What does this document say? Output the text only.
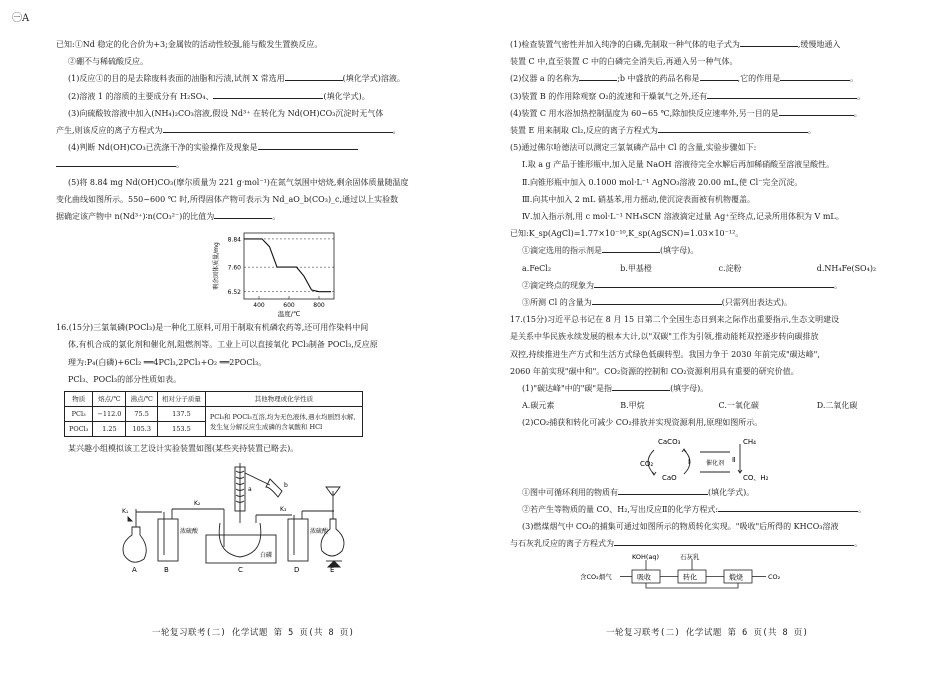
㊀A
已知:①Nd 稳定的化合价为+3;金属钕的活动性较强,能与酸发生置换反应。
②硼不与稀硫酸反应。
(1)反应①的目的是去除废料表面的油脂和污渍,试剂 X 常选用	(填化学式)溶液。
(2)溶液 1 的溶质的主要成分有 H₂SO₄、	(填化学式)。
(3)向硫酸钕溶液中加入(NH₄)₂CO₃溶液,假设 Nd³⁺ 在转化为 Nd(OH)CO₃沉淀时无气体
产生,则该反应的离子方程式为	。
(4)判断 Nd(OH)CO₃已洗涤干净的实验操作及现象是
。
(5)将 8.84 mg Nd(OH)CO₃(摩尔质量为 221 g·mol⁻¹)在氮气氛围中焙烧,剩余固体质量随温度
变化曲线如图所示。550~600 ℃ 时,所得固体产物可表示为 Nd_aO_b(CO₃)_c,通过以上实验数
据确定该产物中 n(Nd³⁺)∶n(CO₃²⁻)的比值为	。
6.52
7.60
8.84
400	600	800
温度/℃
剩余固体质量/mg
16.(15分)三氯氧磷(POCl₃)是一种化工原料,可用于制取有机磷农药等,还可用作染料中间
体,有机合成的氯化剂和催化剂,阻燃剂等。工业上可以直接氧化 PCl₃制备 POCl₃,反应原
理为:P₄(白磷)+6Cl₂ ══4PCl₃,2PCl₃+O₂ ══2POCl₃。
PCl₃、POCl₃的部分性质如表。
物质	熔点/℃	沸点/℃	相对分子质量	其他物理或化学性质
PCl₃	−112.0	75.5	137.5	PCl₃和 POCl₃互溶,均为无色液体,遇水均剧烈水解,发生复分解反应生成磷的含氧酸和 HCl
POCl₃	1.25	105.3	153.5	
某兴趣小组模拟该工艺设计实验装置如图(某些夹持装置已略去)。
A	B	C	D	E
K₁
K₂
K₃
浓硫酸	浓硫酸
a
b
白磷
一轮复习联考(二) 化学试题 第 5 页(共 8 页)
(1)检查装置气密性并加入纯净的白磷,先制取一种气体的电子式为	,缓慢地通入
装置 C 中,直至装置 C 中的白磷完全消失后,再通入另一种气体。
(2)仪器 a 的名称为	;b 中盛放的药品名称是	,它的作用是	。
(3)装置 B 的作用除观察 O₂的流速和干燥氧气之外,还有	。
(4)装置 C 用水浴加热控制温度为 60~65 ℃,除加快反应速率外,另一目的是	。
装置 E 用来制取 Cl₂,反应的离子方程式为	。
(5)通过佛尔哈德法可以测定三氯氧磷产品中 Cl 的含量,实验步骤如下:
Ⅰ.取 a g 产品于锥形瓶中,加入足量 NaOH 溶液待完全水解后再加稀硝酸至溶液呈酸性。
Ⅱ.向锥形瓶中加入 0.1000 mol·L⁻¹ AgNO₃溶液 20.00 mL,使 Cl⁻完全沉淀。
Ⅲ.向其中加入 2 mL 硝基苯,用力摇动,使沉淀表面被有机物覆盖。
Ⅳ.加入指示剂,用 c mol·L⁻¹ NH₄SCN 溶液滴定过量 Ag⁺至终点,记录所用体积为 V mL。
已知:K_sp(AgCl)=1.77×10⁻¹⁰,K_sp(AgSCN)=1.03×10⁻¹²。
①滴定选用的指示剂是	(填字母)。
a.FeCl₂	b.甲基橙	c.淀粉	d.NH₄Fe(SO₄)₂
②滴定终点的现象为	。
③所测 Cl 的含量为	(只需列出表达式)。
17.(15分)习近平总书记在 8 月 15 日第二个全国生态日到来之际作出重要指示,生态文明建设
是关系中华民族永续发展的根本大计,以"双碳"工作为引领,推动能耗双控逐步转向碳排放
双控,持续推进生产方式和生活方式绿色低碳转型。我国力争于 2030 年前完成"碳达峰",
2060 年前实现"碳中和"。CO₂资源的控制和 CO₂资源利用具有重要的研究价值。
(1)"碳达峰"中的"碳"是指	(填字母)。
A.碳元素	B.甲烷	C.一氧化碳	D.二氧化碳
(2)CO₂捕获和转化可减少 CO₂排放并实现资源利用,原理如图所示。
CaCO₃
CaO
CO₂
CH₄
CO、H₂
催化剂
Ⅰ	Ⅱ
①图中可循环利用的物质有	(填化学式)。
②若产生等物质的量 CO、H₂,写出反应Ⅱ的化学方程式:	。
(3)燃煤烟气中 CO₂的捕集可通过如图所示的物质转化实现。"吸收"后所得的 KHCO₃溶液
与石灰乳反应的离子方程式为	。
含CO₂烟气
KOH(aq)	石灰乳
吸收	转化	煅烧	CO₂
一轮复习联考(二) 化学试题 第 6 页(共 8 页)
